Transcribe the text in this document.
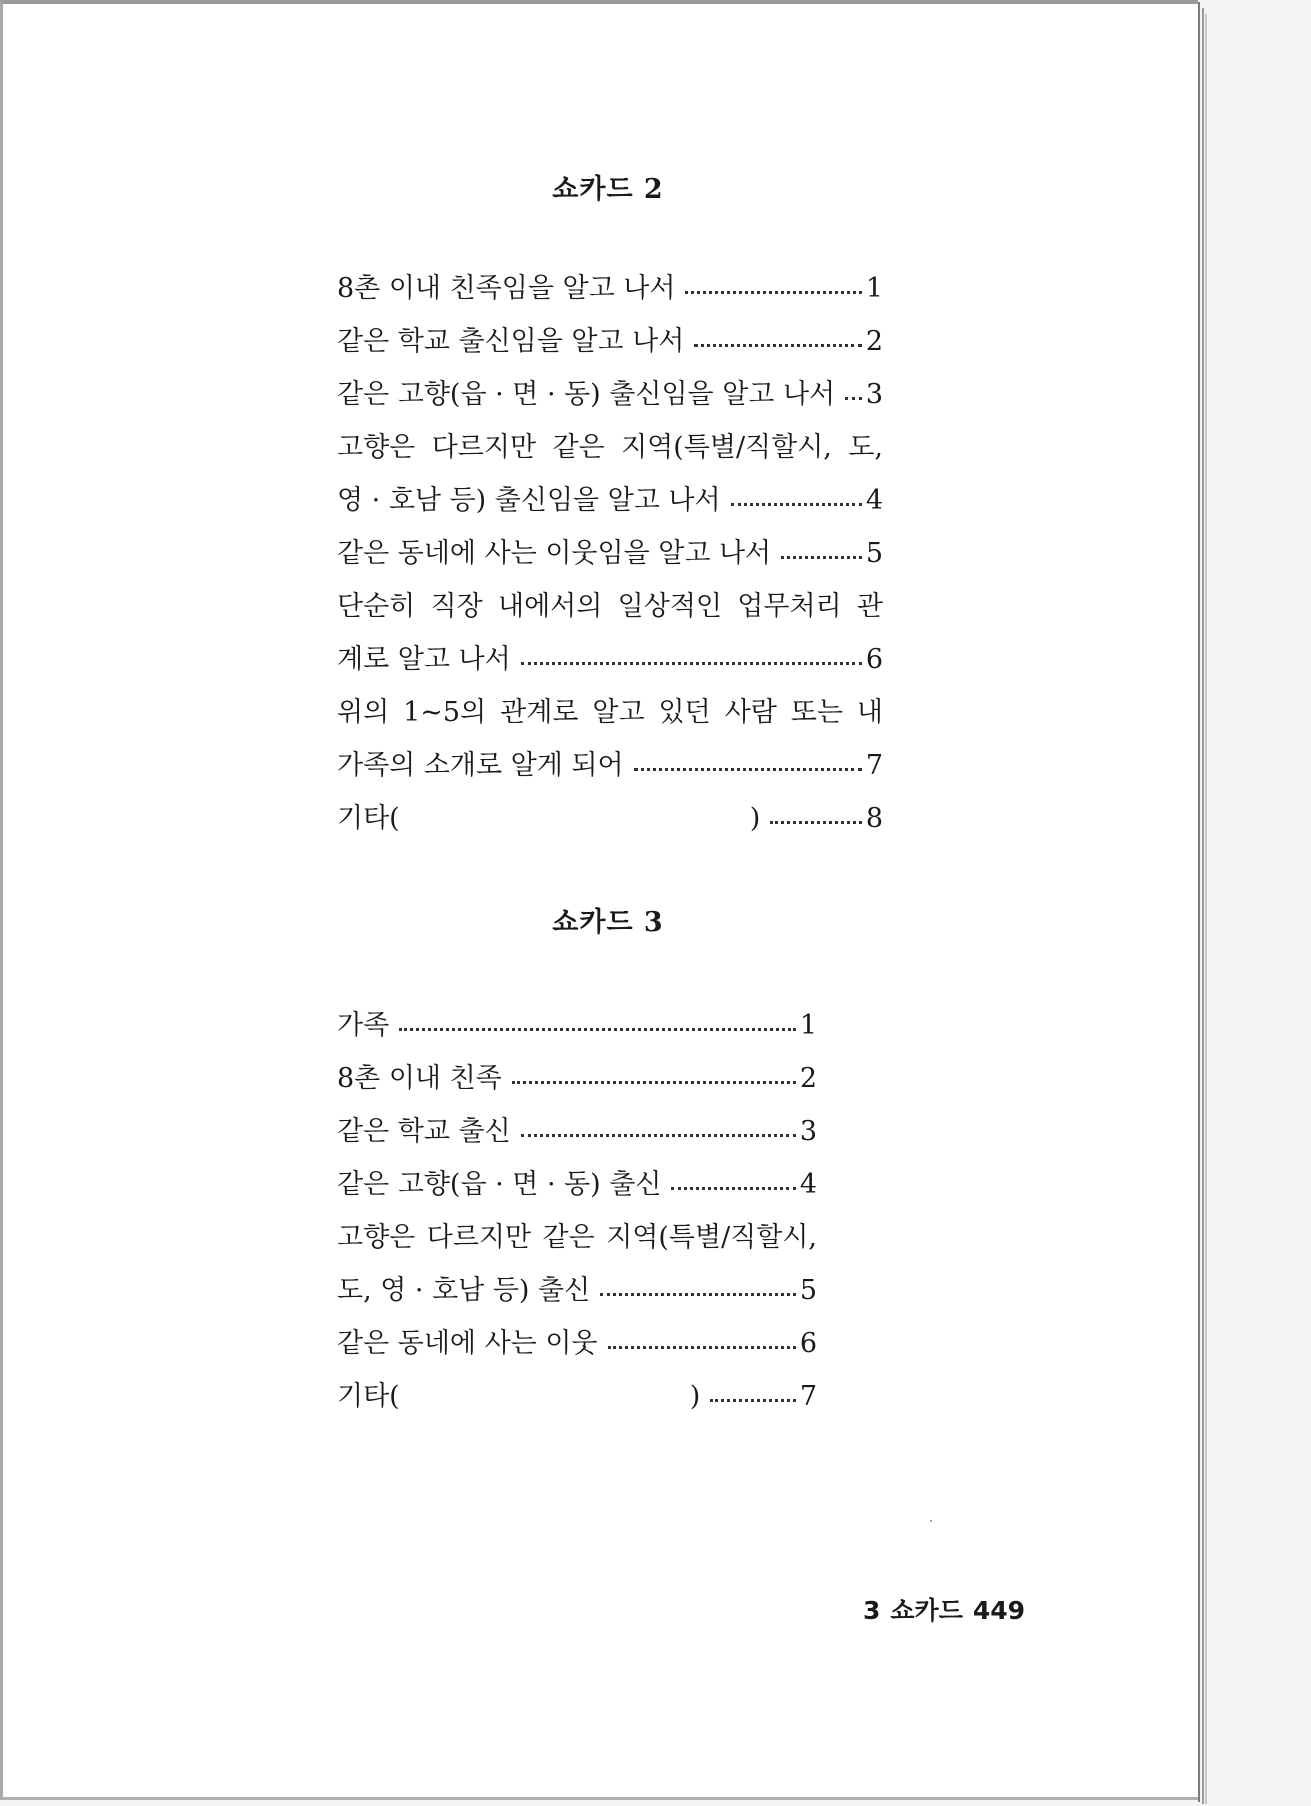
쇼카드 2
8촌 이내 친족임을 알고 나서	1
같은 학교 출신임을 알고 나서	2
같은 고향(읍 · 면 · 동) 출신임을 알고 나서 3
고향은 다르지만 같은 지역(특별/직할시, 도,
영 · 호남 등) 출신임을 알고 나서	4
같은 동네에 사는 이웃임을 알고 나서	5
단순히 직장 내에서의 일상적인 업무처리 관
계로 알고 나서	6
위의 1~5의 관계로 알고 있던 사람 또는 내
가족의 소개로 알게 되어	7
기타(	)	8
쇼카드 3
가족	1
8촌 이내 친족	2
같은 학교 출신	3
같은 고향(읍 · 면 · 동) 출신	4
고향은 다르지만 같은 지역(특별/직할시,
도, 영 · 호남 등) 출신	5
같은 동네에 사는 이웃	6
기타(	)	7

3 쇼카드 449
